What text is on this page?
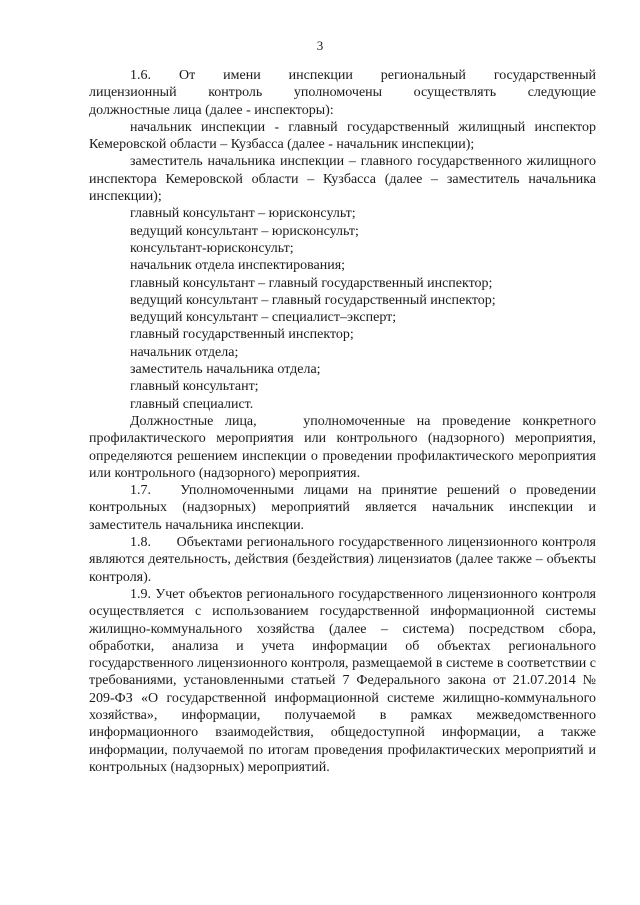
3

1.6.    От    имени    инспекции    региональный    государственный лицензионный    контроль    уполномочены    осуществлять    следующие должностные лица (далее - инспекторы):

начальник инспекции - главный государственный жилищный инспектор Кемеровской области – Кузбасса (далее - начальник инспекции);

заместитель начальника инспекции – главного государственного жилищного инспектора Кемеровской области – Кузбасса (далее – заместитель начальника инспекции);

главный консультант – юрисконсульт;

ведущий консультант – юрисконсульт;

консультант-юрисконсульт;

начальник отдела инспектирования;

главный консультант – главный государственный инспектор;

ведущий консультант – главный государственный инспектор;

ведущий консультант – специалист–эксперт;

главный государственный инспектор;

начальник отдела;

заместитель начальника отдела;

главный консультант;

главный специалист.

Должностные лица,    уполномоченные на проведение конкретного профилактического мероприятия или контрольного (надзорного) мероприятия, определяются решением инспекции о проведении профилактического мероприятия или контрольного (надзорного) мероприятия.

1.7.   Уполномоченными лицами на принятие решений о проведении контрольных (надзорных) мероприятий является начальник инспекции и заместитель начальника инспекции.

1.8.      Объектами регионального государственного лицензионного контроля являются деятельность, действия (бездействия) лицензиатов (далее также – объекты контроля).

1.9. Учет объектов регионального государственного лицензионного контроля осуществляется с использованием государственной информационной системы жилищно-коммунального хозяйства (далее – система) посредством сбора, обработки, анализа и учета информации об объектах регионального государственного лицензионного контроля, размещаемой в системе в соответствии с требованиями, установленными статьей 7 Федерального закона от 21.07.2014 № 209-ФЗ «О государственной информационной системе жилищно-коммунального хозяйства», информации, получаемой в рамках межведомственного информационного взаимодействия, общедоступной информации, а также информации, получаемой по итогам проведения профилактических мероприятий и контрольных (надзорных) мероприятий.
